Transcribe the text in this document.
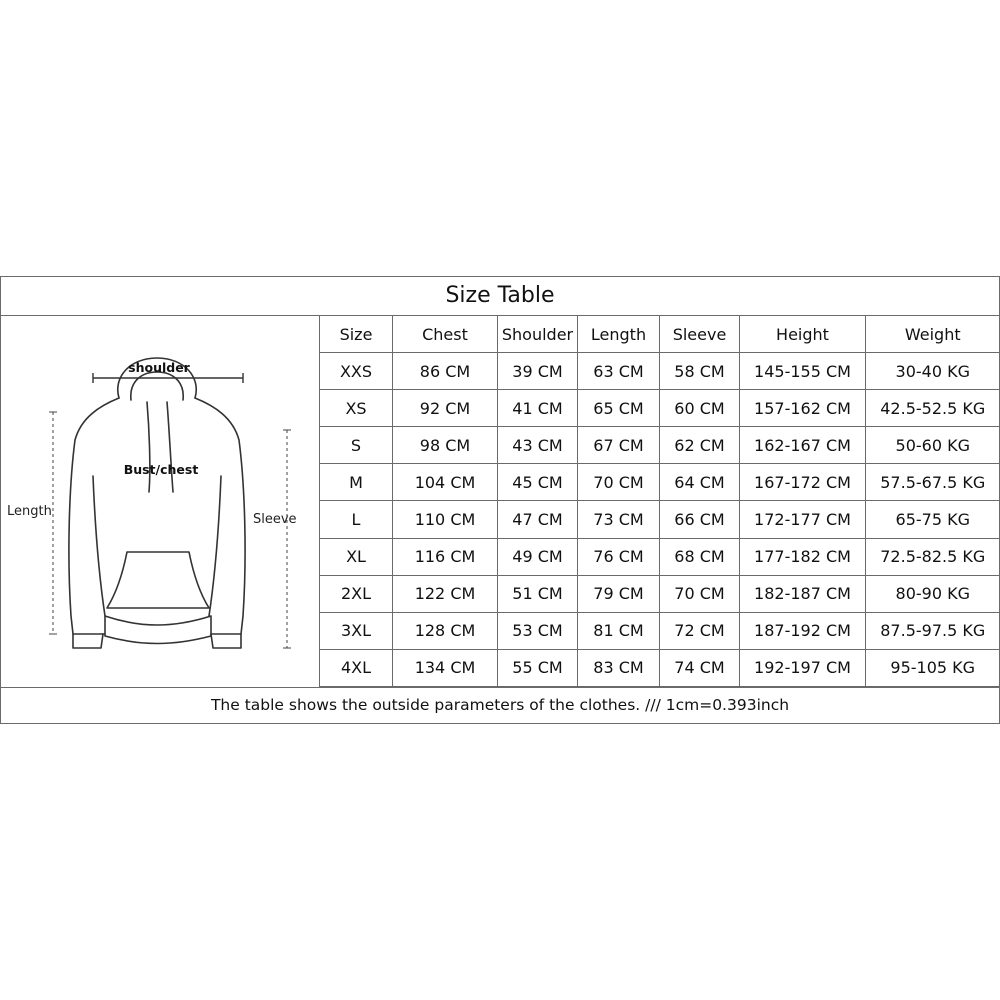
Size Table
shoulder
Bust/chest
Length
Sleeve
Size	Chest	Shoulder	Length	Sleeve	Height	Weight
XXS	86 CM	39 CM	63 CM	58 CM	145-155 CM	30-40 KG
XS	92 CM	41 CM	65 CM	60 CM	157-162 CM	42.5-52.5 KG
S	98 CM	43 CM	67 CM	62 CM	162-167 CM	50-60 KG
M	104 CM	45 CM	70 CM	64 CM	167-172 CM	57.5-67.5 KG
L	110 CM	47 CM	73 CM	66 CM	172-177 CM	65-75 KG
XL	116 CM	49 CM	76 CM	68 CM	177-182 CM	72.5-82.5 KG
2XL	122 CM	51 CM	79 CM	70 CM	182-187 CM	80-90 KG
3XL	128 CM	53 CM	81 CM	72 CM	187-192 CM	87.5-97.5 KG
4XL	134 CM	55 CM	83 CM	74 CM	192-197 CM	95-105 KG
The table shows the outside parameters of the clothes. /// 1cm=0.393inch
